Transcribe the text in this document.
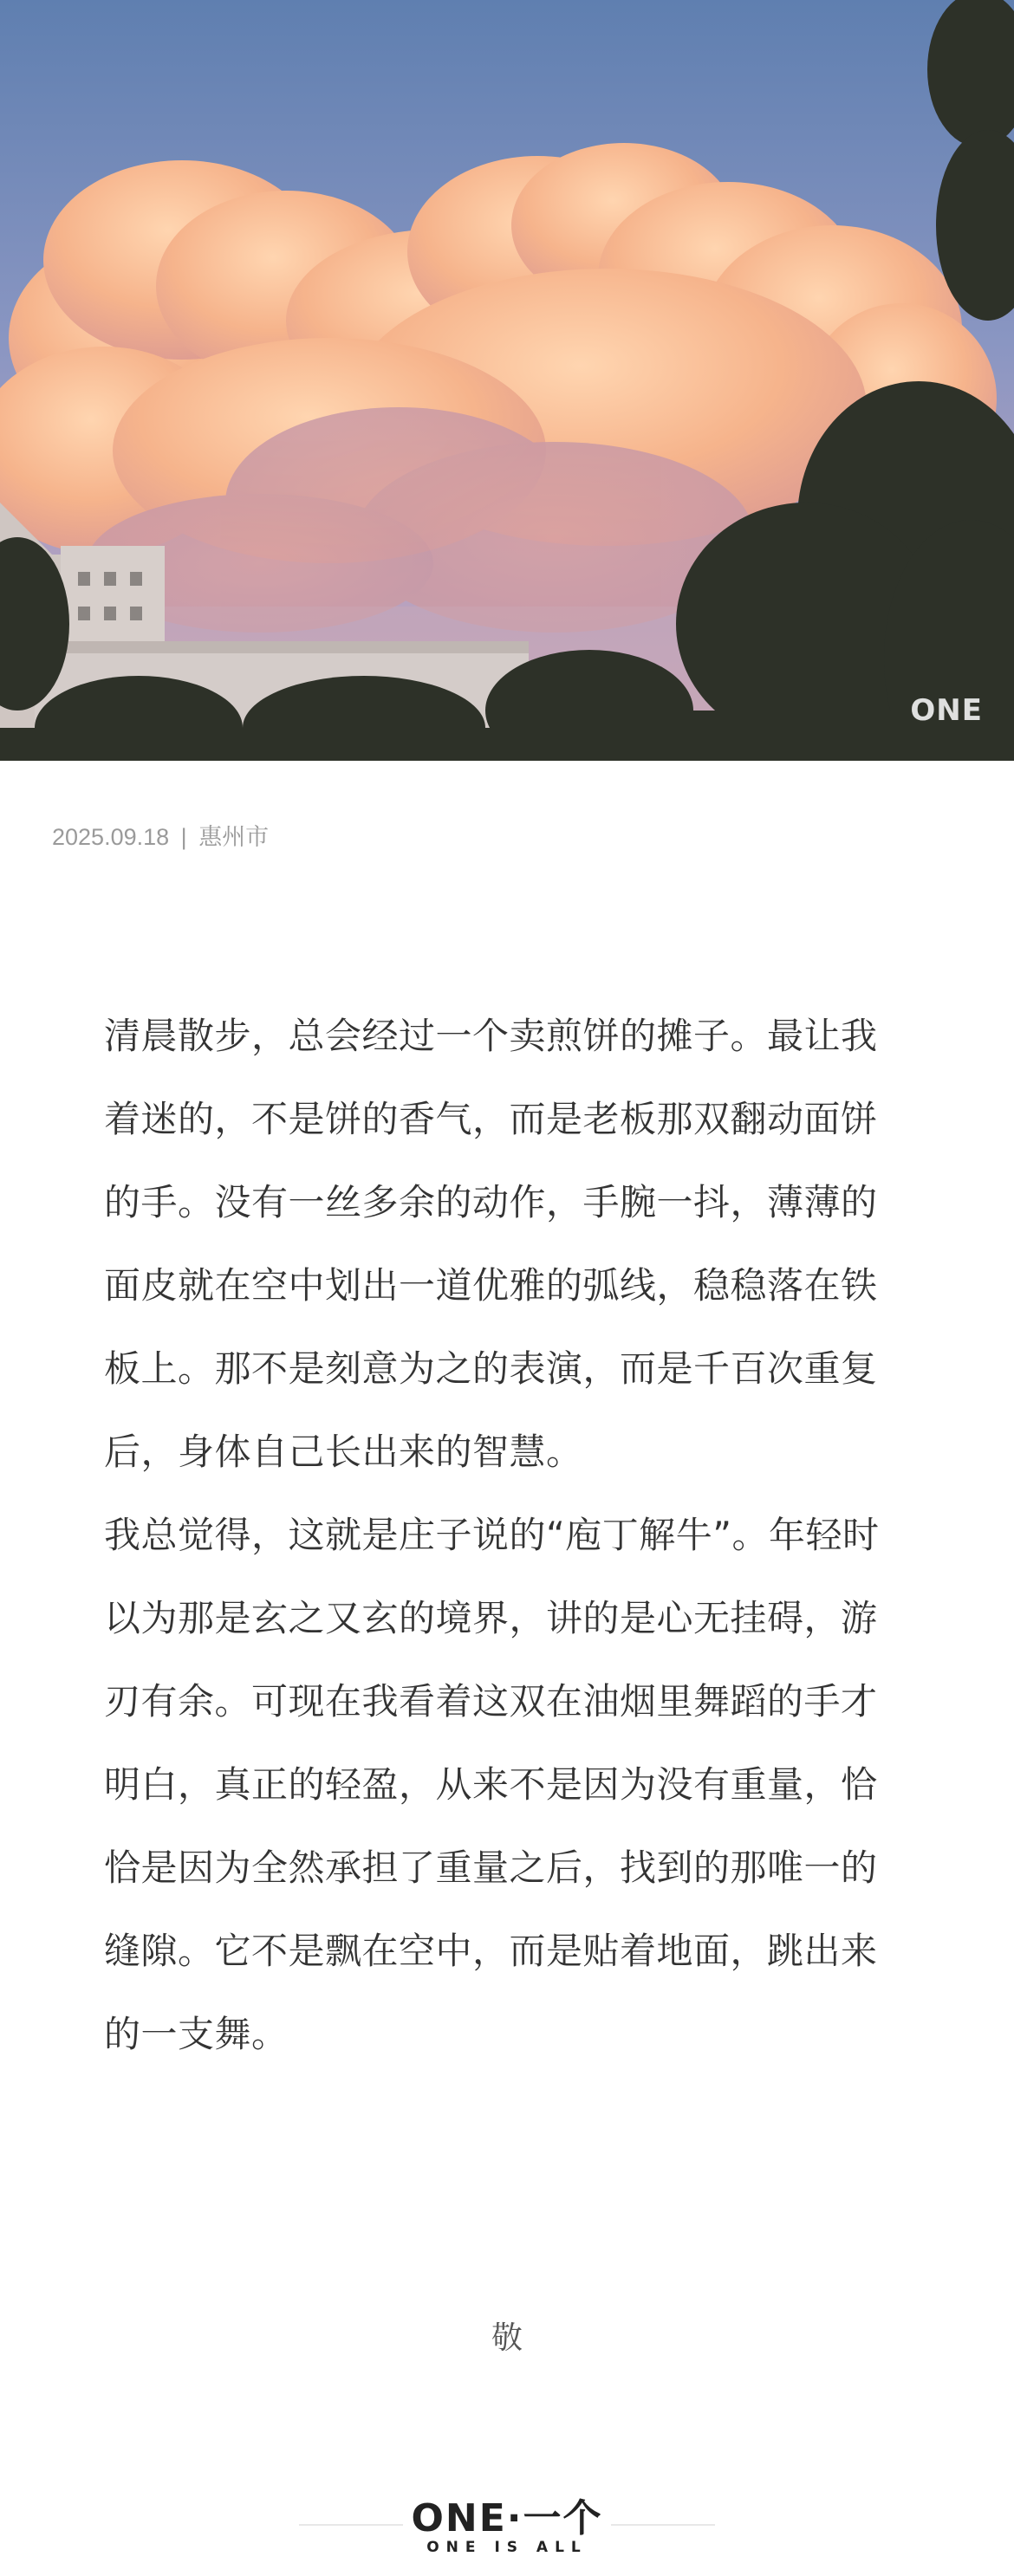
ONE
2025.09.18 | 惠州市

清晨散步，总会经过一个卖煎饼的摊子。最让我着迷的，不是饼的香气，而是老板那双翻动面饼的手。没有一丝多余的动作，手腕一抖，薄薄的面皮就在空中划出一道优雅的弧线，稳稳落在铁板上。那不是刻意为之的表演，而是千百次重复后，身体自己长出来的智慧。

我总觉得，这就是庄子说的“庖丁解牛”。年轻时以为那是玄之又玄的境界，讲的是心无挂碍，游刃有余。可现在我看着这双在油烟里舞蹈的手才明白，真正的轻盈，从来不是因为没有重量，恰恰是因为全然承担了重量之后，找到的那唯一的缝隙。它不是飘在空中，而是贴着地面，跳出来的一支舞。

敬
ONE·一个
ONE IS ALL
